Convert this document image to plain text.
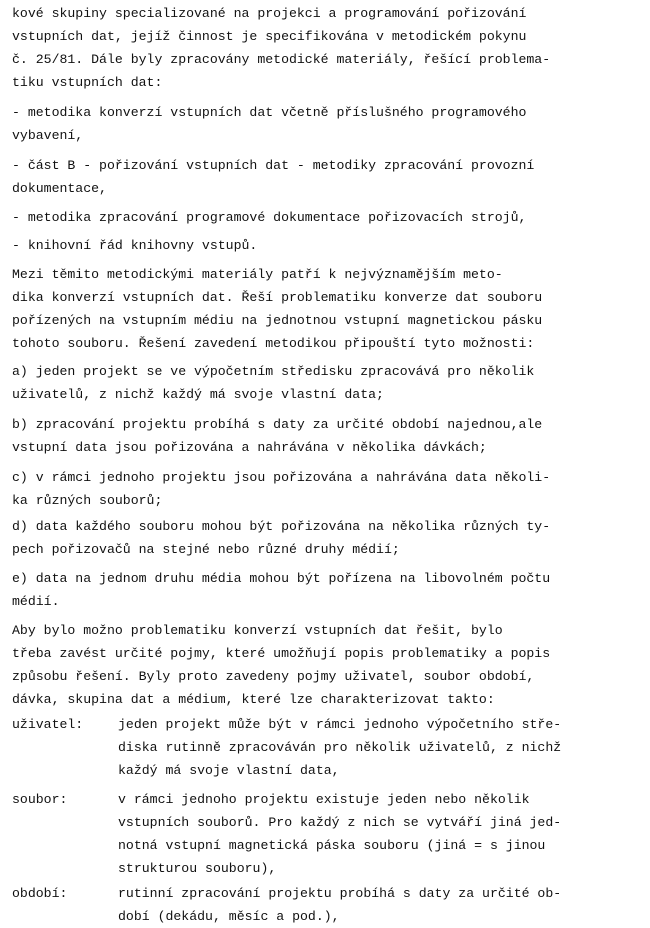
kové skupiny specializované na projekci a programování pořizování
vstupních dat, jejíž činnost je specifikována v metodickém pokynu
č. 25/81. Dále byly zpracovány metodické materiály, řešící problema-
tiku vstupních dat:
- metodika konverzí vstupních dat včetně příslušného programového
vybavení,
- část B - pořizování vstupních dat - metodiky zpracování provozní
dokumentace,
- metodika zpracování programové dokumentace pořizovacích strojů,
- knihovní řád knihovny vstupů.
Mezi těmito metodickými materiály patří k nejvýznamějším meto-
dika konverzí vstupních dat. Řeší problematiku konverze dat souboru
pořízených na vstupním médiu na jednotnou vstupní magnetickou pásku
tohoto souboru. Řešení zavedení metodikou připouští tyto možnosti:
a) jeden projekt se ve výpočetním středisku zpracovává pro několik
uživatelů, z nichž každý má svoje vlastní data;
b) zpracování projektu probíhá s daty za určité období najednou,ale
vstupní data jsou pořizována a nahrávána v několika dávkách;
c) v rámci jednoho projektu jsou pořizována a nahrávána data několi-
ka různých souborů;
d) data každého souboru mohou být pořizována na několika různých ty-
pech pořizovačů na stejné nebo různé druhy médií;
e) data na jednom druhu média mohou být pořízena na libovolném počtu
médií.
Aby bylo možno problematiku konverzí vstupních dat řešit, bylo
třeba zavést určité pojmy, které umožňují popis problematiky a popis
způsobu řešení. Byly proto zavedeny pojmy uživatel, soubor období,
dávka, skupina dat a médium, které lze charakterizovat takto:
uživatel:	jeden projekt může být v rámci jednoho výpočetního stře-
diska rutinně zpracováván pro několik uživatelů, z nichž
každý má svoje vlastní data,
soubor:	v rámci jednoho projektu existuje jeden nebo několik
vstupních souborů. Pro každý z nich se vytváří jiná jed-
notná vstupní magnetická páska souboru (jiná = s jinou
strukturou souboru),
období:	rutinní zpracování projektu probíhá s daty za určité ob-
dobí (dekádu, měsíc a pod.),
